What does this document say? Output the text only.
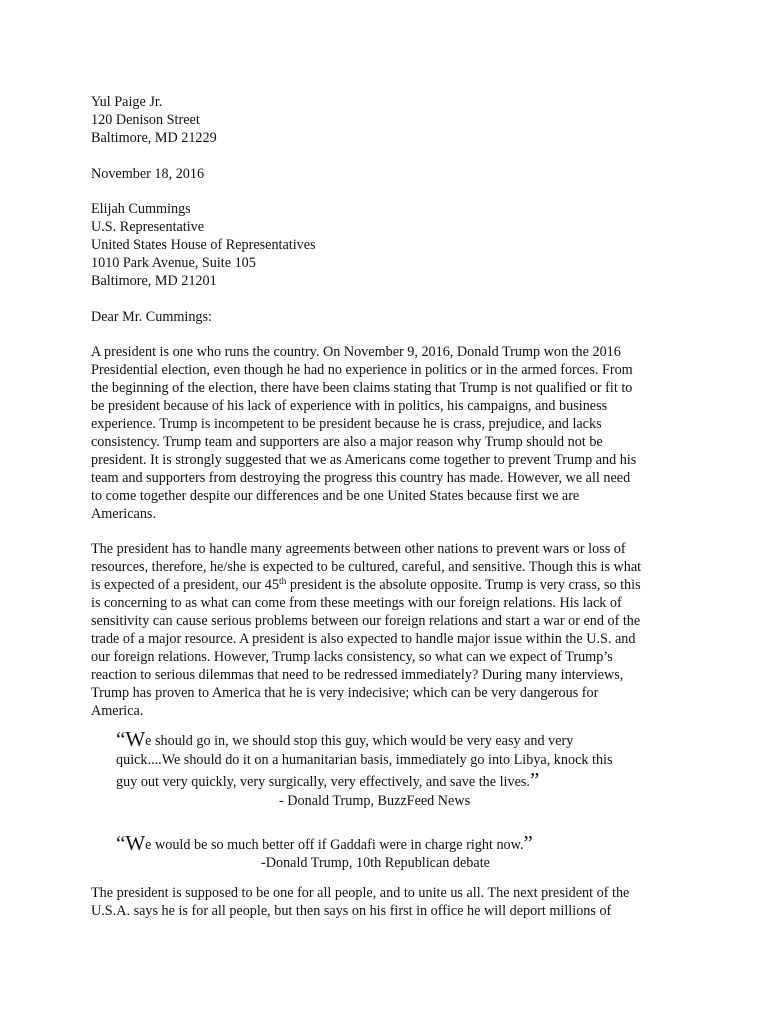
Yul Paige Jr.
120 Denison Street
Baltimore, MD 21229
November 18, 2016
Elijah Cummings
U.S. Representative
United States House of Representatives
1010 Park Avenue, Suite 105
Baltimore, MD 21201
Dear Mr. Cummings:
A president is one who runs the country. On November 9, 2016, Donald Trump won the 2016
Presidential election, even though he had no experience in politics or in the armed forces. From
the beginning of the election, there have been claims stating that Trump is not qualified or fit to
be president because of his lack of experience with in politics, his campaigns, and business
experience. Trump is incompetent to be president because he is crass, prejudice, and lacks
consistency. Trump team and supporters are also a major reason why Trump should not be
president. It is strongly suggested that we as Americans come together to prevent Trump and his
team and supporters from destroying the progress this country has made. However, we all need
to come together despite our differences and be one United States because first we are
Americans.
The president has to handle many agreements between other nations to prevent wars or loss of
resources, therefore, he/she is expected to be cultured, careful, and sensitive. Though this is what
is expected of a president, our 45th president is the absolute opposite. Trump is very crass, so this
is concerning to as what can come from these meetings with our foreign relations. His lack of
sensitivity can cause serious problems between our foreign relations and start a war or end of the
trade of a major resource. A president is also expected to handle major issue within the U.S. and
our foreign relations. However, Trump lacks consistency, so what can we expect of Trump’s
reaction to serious dilemmas that need to be redressed immediately? During many interviews,
Trump has proven to America that he is very indecisive; which can be very dangerous for
America.
“We should go in, we should stop this guy, which would be very easy and very
quick....We should do it on a humanitarian basis, immediately go into Libya, knock this
guy out very quickly, very surgically, very effectively, and save the lives.”
- Donald Trump, BuzzFeed News
“We would be so much better off if Gaddafi were in charge right now.”
-Donald Trump, 10th Republican debate
The president is supposed to be one for all people, and to unite us all. The next president of the
U.S.A. says he is for all people, but then says on his first in office he will deport millions of
